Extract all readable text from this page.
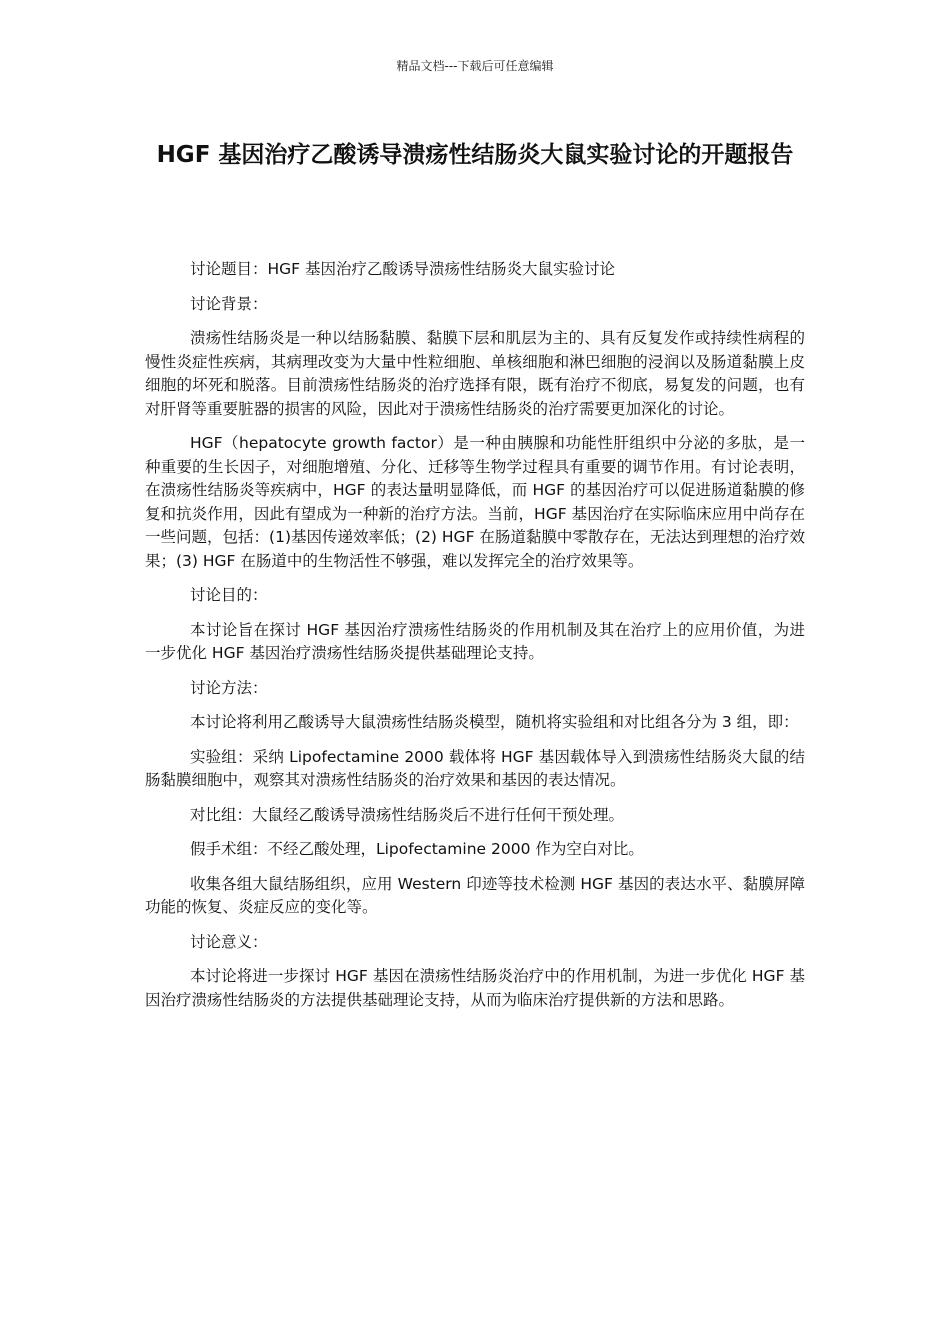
精品文档---下载后可任意编辑
HGF 基因治疗乙酸诱导溃疡性结肠炎大鼠实验讨论的开题报告

讨论题目：HGF 基因治疗乙酸诱导溃疡性结肠炎大鼠实验讨论

讨论背景：

溃疡性结肠炎是一种以结肠黏膜、黏膜下层和肌层为主的、具有反复发作或持续性病程的慢性炎症性疾病，其病理改变为大量中性粒细胞、单核细胞和淋巴细胞的浸润以及肠道黏膜上皮细胞的坏死和脱落。目前溃疡性结肠炎的治疗选择有限，既有治疗不彻底，易复发的问题，也有对肝肾等重要脏器的损害的风险，因此对于溃疡性结肠炎的治疗需要更加深化的讨论。

HGF（hepatocyte growth factor）是一种由胰腺和功能性肝组织中分泌的多肽，是一种重要的生长因子，对细胞增殖、分化、迁移等生物学过程具有重要的调节作用。有讨论表明，在溃疡性结肠炎等疾病中，HGF 的表达量明显降低，而 HGF 的基因治疗可以促进肠道黏膜的修复和抗炎作用，因此有望成为一种新的治疗方法。当前，HGF 基因治疗在实际临床应用中尚存在一些问题，包括：(1)基因传递效率低；(2) HGF 在肠道黏膜中零散存在，无法达到理想的治疗效果；(3) HGF 在肠道中的生物活性不够强，难以发挥完全的治疗效果等。

讨论目的：

本讨论旨在探讨 HGF 基因治疗溃疡性结肠炎的作用机制及其在治疗上的应用价值，为进一步优化 HGF 基因治疗溃疡性结肠炎提供基础理论支持。

讨论方法：

本讨论将利用乙酸诱导大鼠溃疡性结肠炎模型，随机将实验组和对比组各分为 3 组，即：

实验组：采纳 Lipofectamine 2000 载体将 HGF 基因载体导入到溃疡性结肠炎大鼠的结肠黏膜细胞中，观察其对溃疡性结肠炎的治疗效果和基因的表达情况。

对比组：大鼠经乙酸诱导溃疡性结肠炎后不进行任何干预处理。

假手术组：不经乙酸处理，Lipofectamine 2000 作为空白对比。

收集各组大鼠结肠组织，应用 Western 印迹等技术检测 HGF 基因的表达水平、黏膜屏障功能的恢复、炎症反应的变化等。

讨论意义：

本讨论将进一步探讨 HGF 基因在溃疡性结肠炎治疗中的作用机制，为进一步优化 HGF 基因治疗溃疡性结肠炎的方法提供基础理论支持，从而为临床治疗提供新的方法和思路。
